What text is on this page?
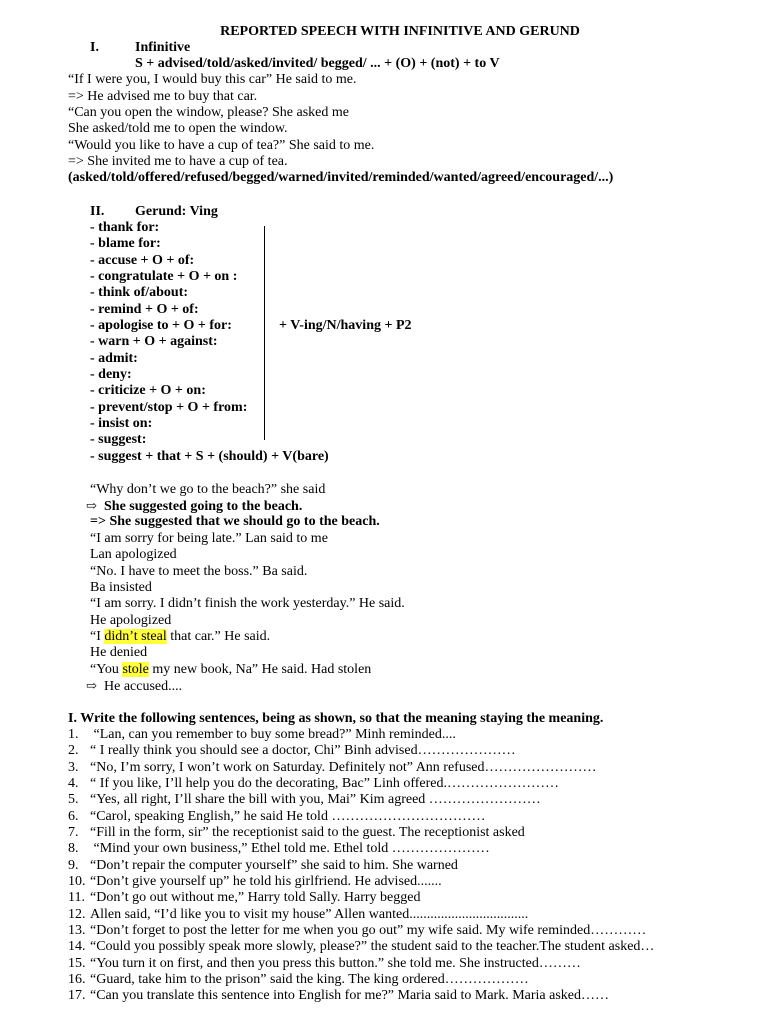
REPORTED SPEECH WITH INFINITIVE AND GERUND
I.	Infinitive
S + advised/told/asked/invited/ begged/ ... + (O) + (not) + to V
“If I were you, I would buy this car” He said to me.
=> He advised me to buy that car.
“Can you open the window, please? She asked me
She asked/told me to open the window.
“Would you like to have a cup of tea?” She said to me.
=> She invited me to have a cup of tea.
(asked/told/offered/refused/begged/warned/invited/reminded/wanted/agreed/encouraged/...)
II. Gerund: Ving
- thank for:
- blame for:
- accuse + O + of:
- congratulate + O + on :
- think of/about:
- remind + O + of:
- apologise to + O + for:
- warn + O + against:
- admit:
- deny:
- criticize + O + on:
- prevent/stop + O + from:
- insist on:
- suggest:
- suggest + that + S + (should) + V(bare)
+ V-ing/N/having + P2
“Why don’t we go to the beach?” she said
⇨ She suggested going to the beach.
=> She suggested that we should go to the beach.
“I am sorry for being late.” Lan said to me
Lan apologized
“No. I have to meet the boss.” Ba said.
Ba insisted
“I am sorry. I didn’t finish the work yesterday.” He said.
He apologized
“I didn’t steal that car.” He said.
He denied
“You stole my new book, Na” He said. Had stolen
⇨ He accused....
I. Write the following sentences, being as shown, so that the meaning staying the meaning.
1. “Lan, can you remember to buy some bread?” Minh reminded....
2. “ I really think you should see a doctor, Chi” Binh advised…………………
3. “No, I’m sorry, I won’t work on Saturday. Definitely not” Ann refused……………………
4. “ If you like, I’ll help you do the decorating, Bac” Linh offered.……………………
5. “Yes, all right, I’ll share the bill with you, Mai” Kim agreed ……………………
6. “Carol, speaking English,” he said He told ……………………………
7. “Fill in the form, sir” the receptionist said to the guest. The receptionist asked
8. “Mind your own business,” Ethel told me. Ethel told …………………
9. “Don’t repair the computer yourself” she said to him. She warned
10. “Don’t give yourself up” he told his girlfriend. He advised.......
11. “Don’t go out without me,” Harry told Sally. Harry begged
12. Allen said, “I’d like you to visit my house” Allen wanted..................................
13. “Don’t forget to post the letter for me when you go out” my wife said. My wife reminded…………
14. “Could you possibly speak more slowly, please?” the student said to the teacher.The student asked…
15. “You turn it on first, and then you press this button.” she told me. She instructed………
16. “Guard, take him to the prison” said the king. The king ordered………………
17. “Can you translate this sentence into English for me?” Maria said to Mark. Maria asked……
